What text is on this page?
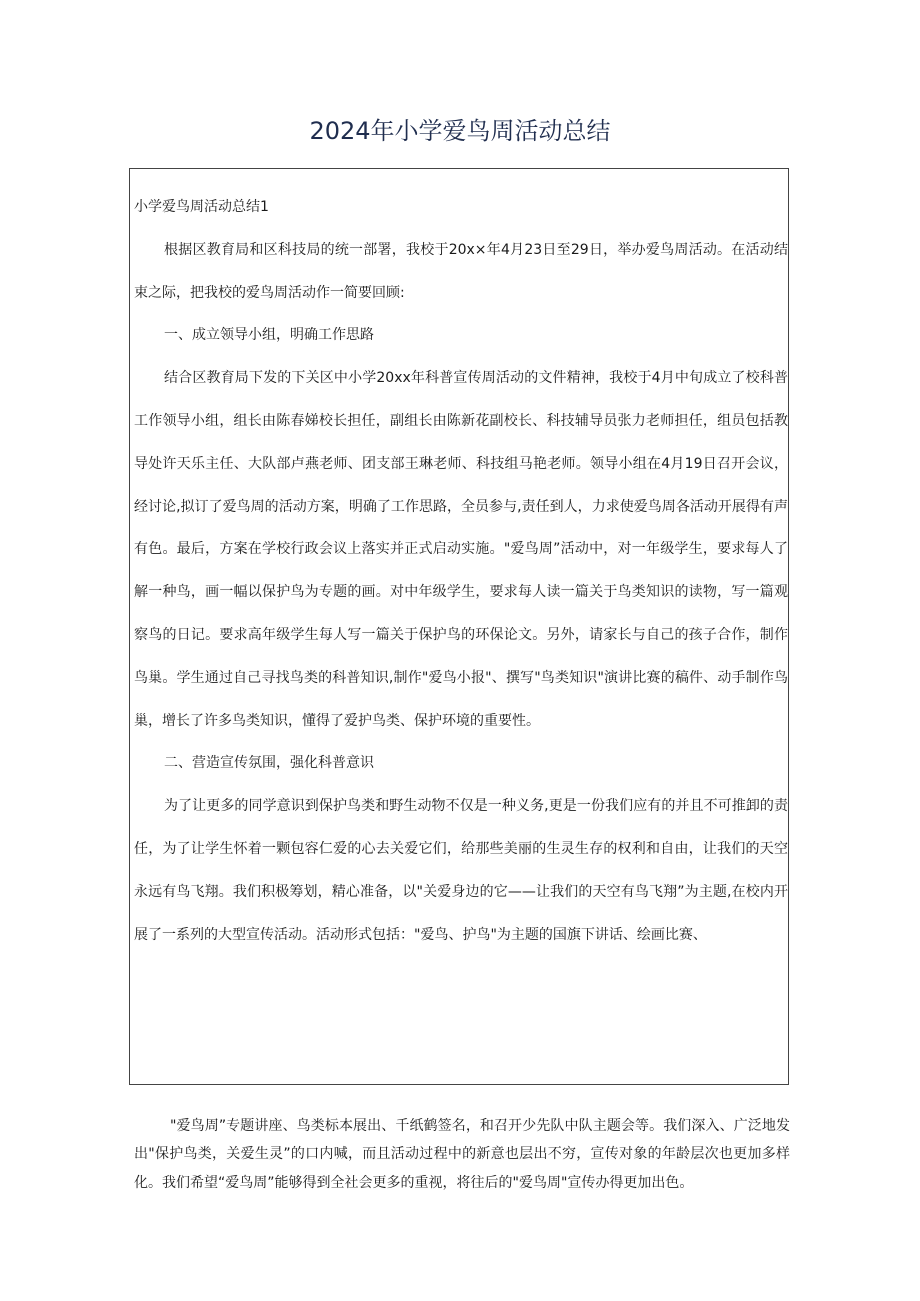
2024年小学爱鸟周活动总结

小学爱鸟周活动总结1

根据区教育局和区科技局的统一部署，我校于20x×年4月23日至29日，举办爱鸟周活动。在活动结束之际，把我校的爱鸟周活动作一简要回顾:

一、成立领导小组，明确工作思路

结合区教育局下发的下关区中小学20xx年科普宣传周活动的文件精神，我校于4月中旬成立了校科普工作领导小组，组长由陈春娣校长担任，副组长由陈新花副校长、科技辅导员张力老师担任，组员包括教导处许天乐主任、大队部卢燕老师、团支部王琳老师、科技组马艳老师。领导小组在4月19日召开会议，经讨论,拟订了爱鸟周的活动方案，明确了工作思路，全员参与,责任到人，力求使爱鸟周各活动开展得有声有色。最后，方案在学校行政会议上落实并正式启动实施。"爱鸟周”活动中，对一年级学生，要求每人了解一种鸟，画一幅以保护鸟为专题的画。对中年级学生，要求每人读一篇关于鸟类知识的读物，写一篇观察鸟的日记。要求高年级学生每人写一篇关于保护鸟的环保论文。另外，请家长与自己的孩子合作，制作鸟巢。学生通过自己寻找鸟类的科普知识,制作"爱鸟小报"、撰写"鸟类知识"演讲比赛的稿件、动手制作鸟巢，增长了许多鸟类知识，懂得了爱护鸟类、保护环境的重要性。

二、营造宣传氛围，强化科普意识

为了让更多的同学意识到保护鸟类和野生动物不仅是一种义务,更是一份我们应有的并且不可推卸的责任，为了让学生怀着一颗包容仁爱的心去关爱它们，给那些美丽的生灵生存的权利和自由，让我们的天空永远有鸟飞翔。我们积极筹划，精心准备，以"关爱身边的它——让我们的天空有鸟飞翔”为主题,在校内开展了一系列的大型宣传活动。活动形式包括："爱鸟、护鸟"为主题的国旗下讲话、绘画比赛、

"爱鸟周”专题讲座、鸟类标本展出、千纸鹤签名，和召开少先队中队主题会等。我们深入、广泛地发出"保护鸟类，关爱生灵”的口内喊，而且活动过程中的新意也层出不穷，宣传对象的年龄层次也更加多样化。我们希望“爱鸟周”能够得到全社会更多的重视，将往后的"爱鸟周"宣传办得更加出色。
